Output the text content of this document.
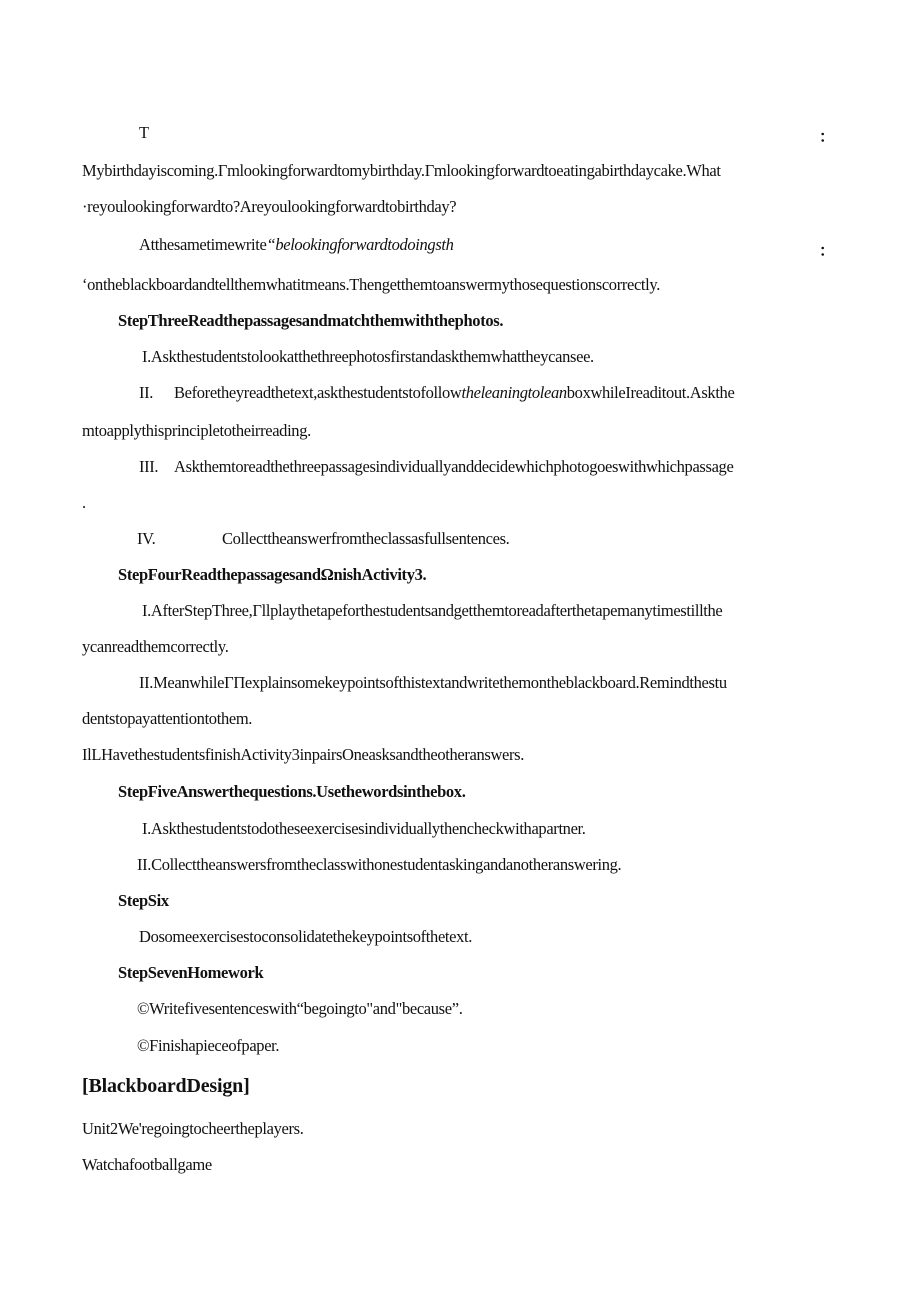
T	：
Mybirthdayiscoming.Γmlookingforwardtomybirthday.Γmlookingforwardtoeatingabirthdaycake.What
·reyoulookingforwardto?Areyoulookingforwardtobirthday?
Atthesametimewrite“belookingforwardtodoingsth	：
ʻontheblackboardandtellthemwhatitmeans.Thengetthemtoanswermythosequestionscorrectly.
StepThreeReadthepassagesandmatchthemwiththephotos.
I.Askthestudentstolookatthethreephotosfirstandaskthemwhattheycansee.
II. Beforetheyreadthetext,askthestudentstofollowtheleaningtoleanboxwhileIreaditout.Askthe
mtoapplythisprincipletotheirreading.
III. Askthemtoreadthethreepassagesindividuallyanddecidewhichphotogoeswithwhichpassage
.
IV.	Collecttheanswerfromtheclassasfullsentences.
StepFourReadthepassagesandΩnishActivity3.
I.AfterStepThree,Γllplaythetapeforthestudentsandgetthemtoreadafterthetapemanytimestillthe
ycanreadthemcorrectly.
II.MeanwhileΓΠexplainsomekeypointsofthistextandwritethemontheblackboard.Remindthestu
dentstopayattentiontothem.
IlLHavethestudentsfinishActivity3inpairsOneasksandtheotheranswers.
StepFiveAnswerthequestions.Usethewordsinthebox.
I.Askthestudentstodotheseexercisesindividuallythencheckwithapartner.
II.Collecttheanswersfromtheclasswithonestudentaskingandanotheranswering.
StepSix
Dosomeexercisestoconsolidatethekeypointsofthetext.
StepSevenHomework
©Writefivesentenceswith“begoingto"and"because”.
©Finishapieceofpaper.
[BlackboardDesign]
Unit2We'regoingtocheertheplayers.
Watchafootballgame
